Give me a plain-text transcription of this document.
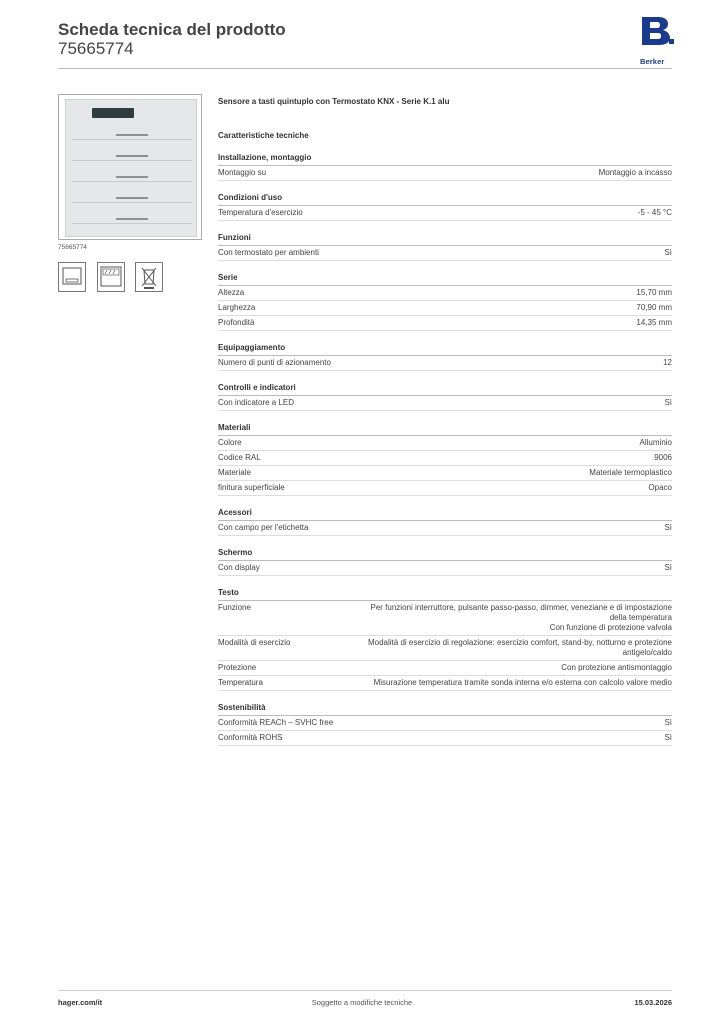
Scheda tecnica del prodotto
75665774
Berker
75665774
Sensore a tasti quintuplo con Termostato KNX - Serie K.1 alu
Caratteristiche tecniche
Installazione, montaggio
Montaggio su	Montaggio a incasso
Condizioni d'uso
Temperatura d'esercizio	-5 - 45 °C
Funzioni
Con termostato per ambienti	Sì
Serie
Altezza	15,70 mm
Larghezza	70,90 mm
Profondità	14,35 mm
Equipaggiamento
Numero di punti di azionamento	12
Controlli e indicatori
Con indicatore a LED	Sì
Materiali
Colore	Alluminio
Codice RAL	9006
Materiale	Materiale termoplastico
finitura superficiale	Opaco
Acessori
Con campo per l'etichetta	Sì
Schermo
Con display	Sì
Testo
Funzione	Per funzioni interruttore, pulsante passo-passo, dimmer, veneziane e di impostazione della temperatura
Con funzione di protezione valvola
Modalità di esercizio	Modalità di esercizio di regolazione: esercizio comfort, stand-by, notturno e protezione antigelo/caldo
Protezione	Con protezione antismontaggio
Temperatura	Misurazione temperatura tramite sonda interna e/o esterna con calcolo valore medio
Sostenibilità
Conformità REACh – SVHC free	Sì
Conformità ROHS	Sì
Soggetto a modifiche tecniche
hager.com/it	15.03.2026
